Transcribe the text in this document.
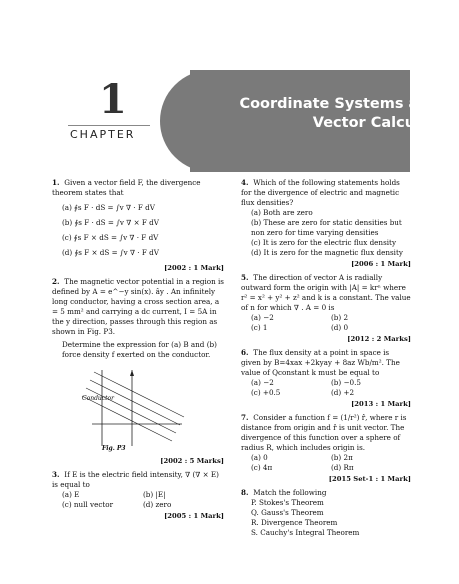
1
CHAPTER
Coordinate Systems and
Vector Calculus
1. Given a vector field F, the divergence theorem states that
(a) ∮s F · dS = ∫v ∇ · F dV
(b) ∮s F · dS = ∫v ∇ × F dV
(c) ∮s F × dS = ∫v ∇ · F dV
(d) ∮s F × dS = ∫v ∇ · F dV
[2002 : 1 Mark]
2. The magnetic vector potential in a region is defined by A = e^−y sin(x). ây . An infinitely long conductor, having a cross section area, a = 5 mm² and carrying a dc current, I = 5A in the y direction, passes through this region as shown in Fig. P3.
Determine the expression for (a) B and (b) force density f exerted on the conductor.
Conductor
Fig. P3
[2002 : 5 Marks]
3. If E is the electric field intensity, ∇ (∇ × E) is equal to
(a) E	(b) |E|
(c) null vector	(d) zero
[2005 : 1 Mark]
4. Which of the following statements holds for the divergence of electric and magnetic flux densities?
(a) Both are zero
(b) These are zero for static densities but non zero for time varying densities
(c) It is zero for the electric flux density
(d) It is zero for the magnetic flux density
[2006 : 1 Mark]
5. The direction of vector A is radially outward form the origin with |A| = krⁿ where r² = x² + y² + z² and k is a constant. The value of n for which ∇ . A = 0 is
(a) −2	(b) 2
(c) 1	(d) 0
[2012 : 2 Marks]
6. The flux density at a point in space is given by B=4xax +2kyay + 8az Wb/m². The value of Qconstant k must be equal to
(a) −2	(b) −0.5
(c) +0.5	(d) +2
[2013 : 1 Mark]
7. Consider a function f = (1/r²) r̂, where r is distance from origin and r̂ is unit vector. The divergence of this function over a sphere of radius R, which includes origin is.
(a) 0	(b) 2π
(c) 4π	(d) Rπ
[2015 Set-1 : 1 Mark]
8. Match the following
P. Stokes's Theorem
Q. Gauss's Theorem
R. Divergence Theorem
S. Cauchy's Integral Theorem
